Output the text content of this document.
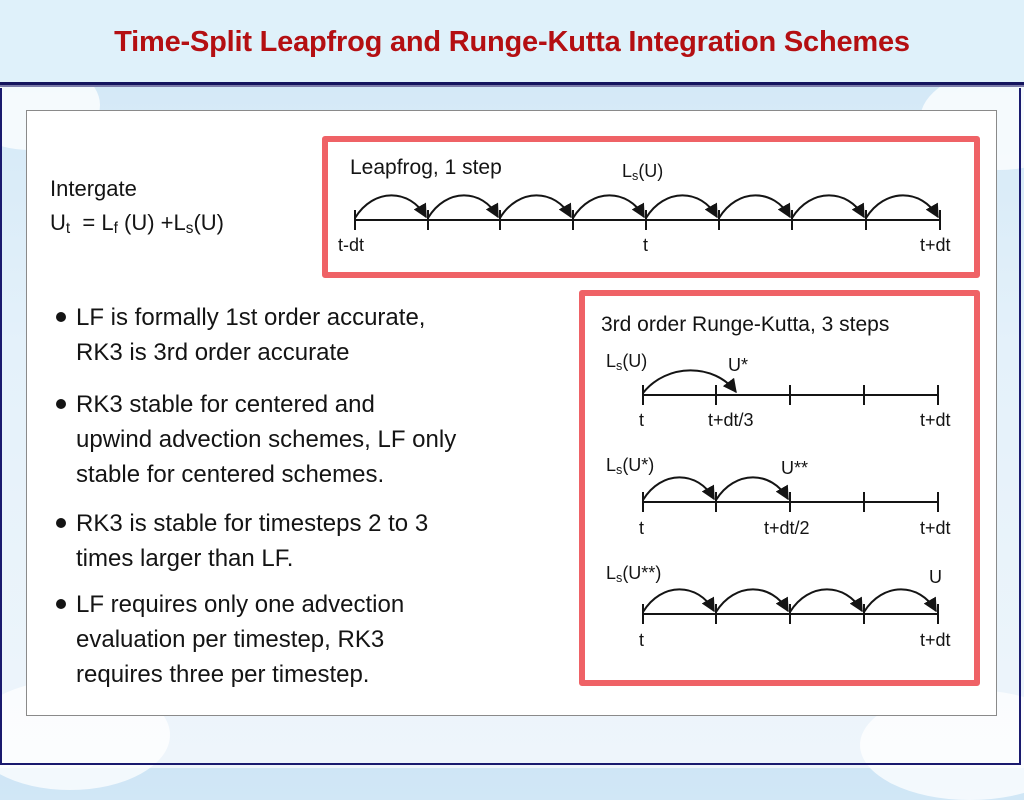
Time-Split Leapfrog and Runge-Kutta Integration Schemes
Intergate
$U_t = L_f$ $(U) +L_s(U)$
LF is formally 1st order accurate,
RK3 is 3rd order accurate
RK3 stable for centered and
upwind advection schemes, LF only
stable for centered schemes.
RK3 is stable for timesteps 2 to 3
times larger than LF.
LF requires only one advection
evaluation per timestep, RK3
requires three per timestep.
Leapfrog, 1 step	$L_s(U)$
t-dt	t	t+dt
3rd order Runge-Kutta, 3 steps
$L_s(U)$	U*
t	t+dt/3	t+dt
$L_s(U*)$	U**
t	t+dt/2	t+dt
$L_s(U**)$	U
t	t+dt
